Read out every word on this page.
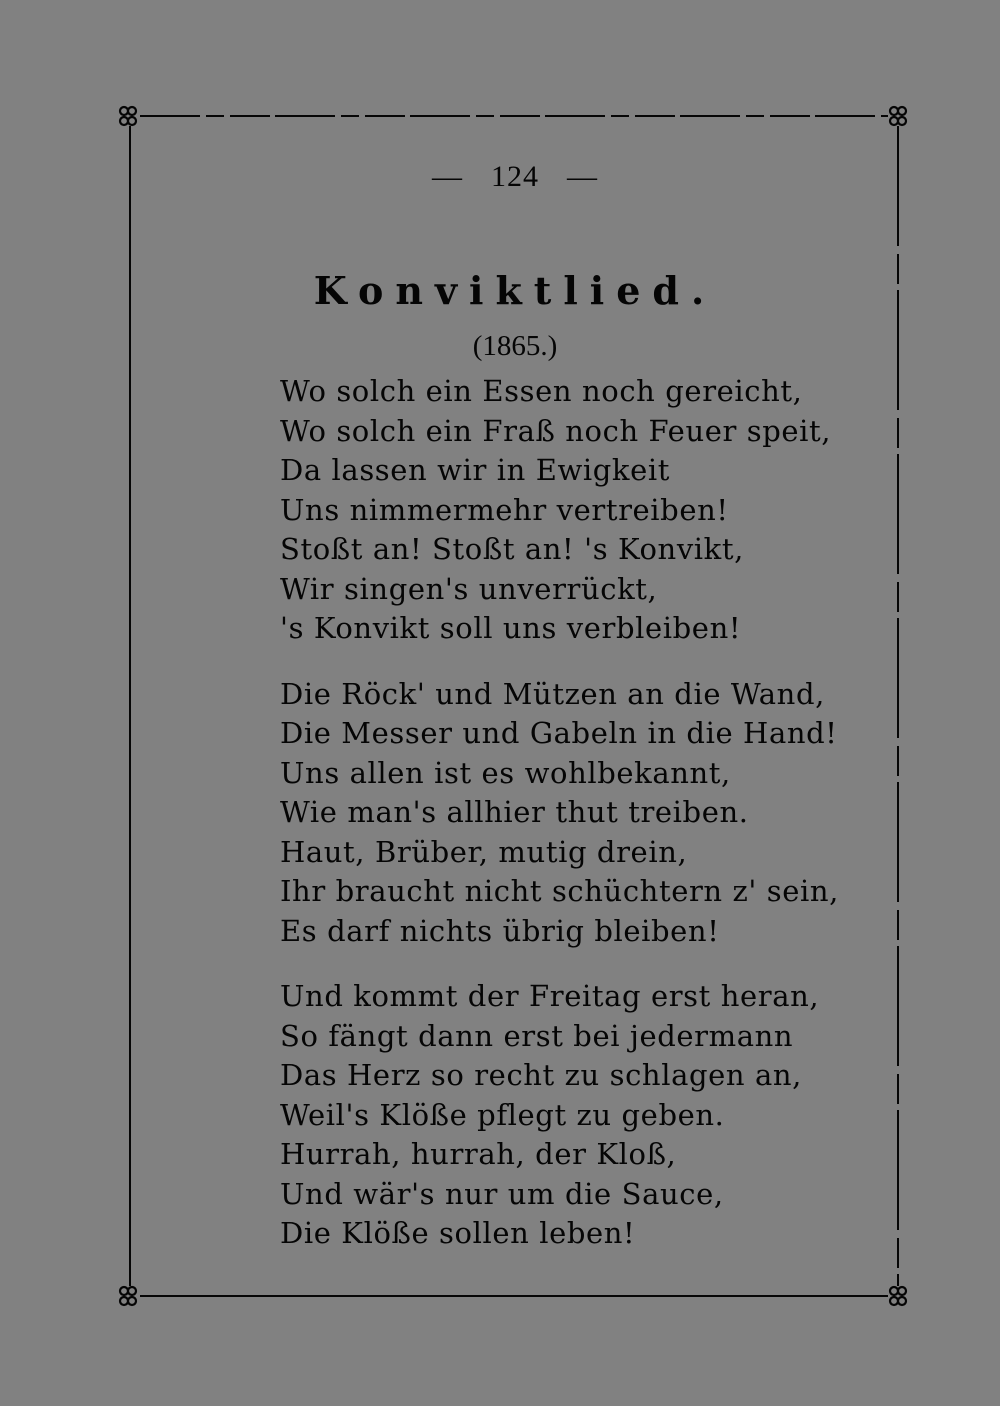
— 124 —
Konviktlied.
(1865.)
Wo solch ein Essen noch gereicht,
Wo solch ein Fraß noch Feuer speit,
Da lassen wir in Ewigkeit
Uns nimmermehr vertreiben!
Stoßt an! Stoßt an! 's Konvikt,
Wir singen's unverrückt,
's Konvikt soll uns verbleiben!
Die Röck' und Mützen an die Wand,
Die Messer und Gabeln in die Hand!
Uns allen ist es wohlbekannt,
Wie man's allhier thut treiben.
Haut, Brüber, mutig drein,
Ihr braucht nicht schüchtern z' sein,
Es darf nichts übrig bleiben!
Und kommt der Freitag erst heran,
So fängt dann erst bei jedermann
Das Herz so recht zu schlagen an,
Weil's Klöße pflegt zu geben.
Hurrah, hurrah, der Kloß,
Und wär's nur um die Sauce,
Die Klöße sollen leben!
